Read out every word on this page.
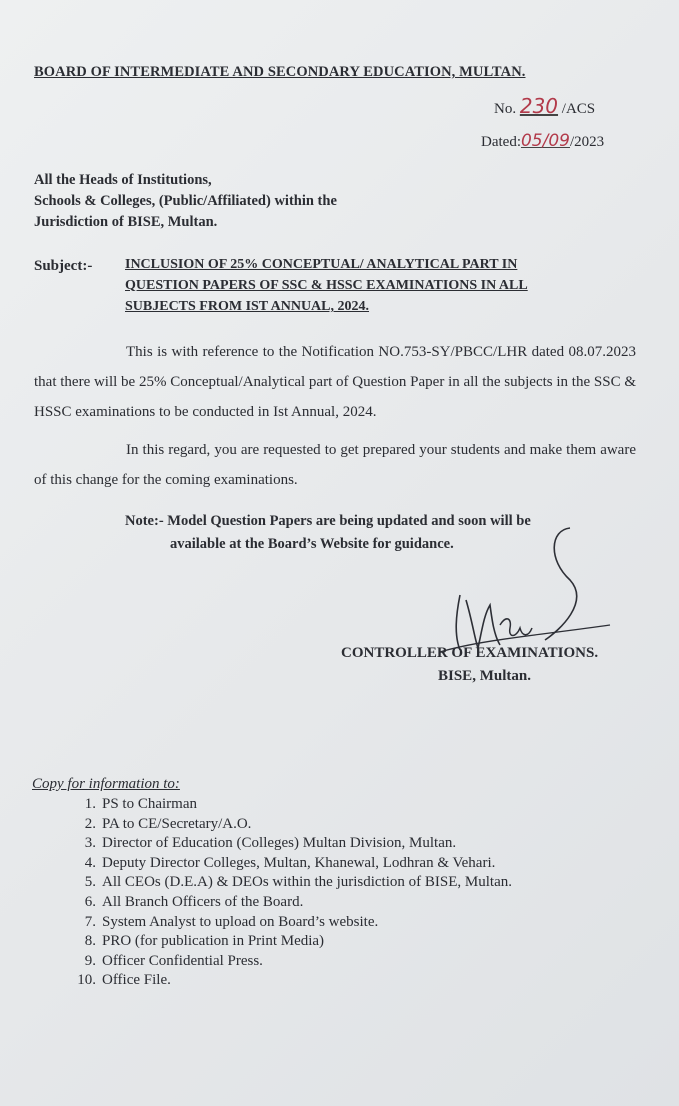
BOARD OF INTERMEDIATE AND SECONDARY EDUCATION, MULTAN.
No. 230 /ACS
Dated:05/09/2023
All the Heads of Institutions,
Schools & Colleges, (Public/Affiliated) within the
Jurisdiction of BISE, Multan.
Subject:- INCLUSION OF 25% CONCEPTUAL/ ANALYTICAL PART IN
QUESTION PAPERS OF SSC & HSSC EXAMINATIONS IN ALL
SUBJECTS FROM IST ANNUAL, 2024.
This is with reference to the Notification NO.753-SY/PBCC/LHR dated 08.07.2023 that there will be 25% Conceptual/Analytical part of Question Paper in all the subjects in the SSC & HSSC examinations to be conducted in Ist Annual, 2024.
In this regard, you are requested to get prepared your students and make them aware of this change for the coming examinations.
Note:- Model Question Papers are being updated and soon will be
available at the Board’s Website for guidance.
CONTROLLER OF EXAMINATIONS.
BISE, Multan.
Copy for information to:
1. PS to Chairman
2. PA to CE/Secretary/A.O.
3. Director of Education (Colleges) Multan Division, Multan.
4. Deputy Director Colleges, Multan, Khanewal, Lodhran & Vehari.
5. All CEOs (D.E.A) & DEOs within the jurisdiction of BISE, Multan.
6. All Branch Officers of the Board.
7. System Analyst to upload on Board’s website.
8. PRO (for publication in Print Media)
9. Officer Confidential Press.
10. Office File.
